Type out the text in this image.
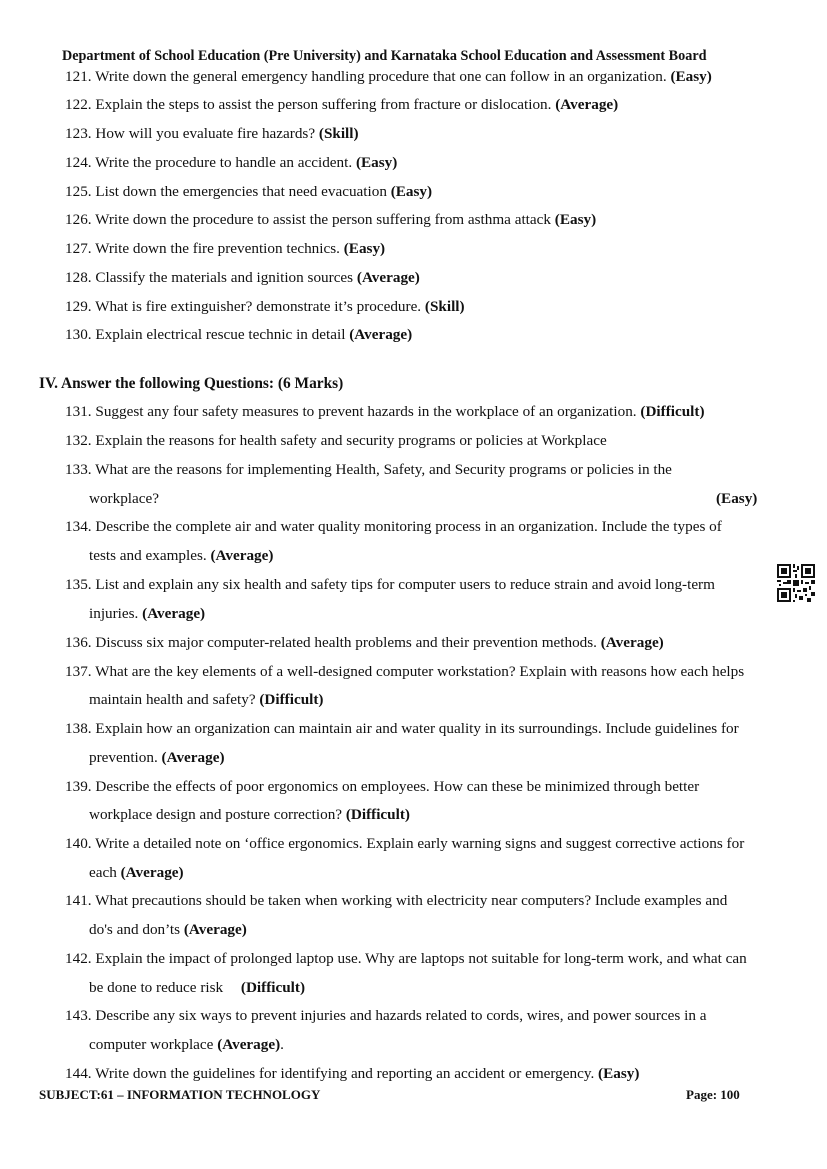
Department of School Education (Pre University) and Karnataka School Education and Assessment Board
121. Write down the general emergency handling procedure that one can follow in an organization. (Easy)
122. Explain the steps to assist the person suffering from fracture or dislocation. (Average)
123. How will you evaluate fire hazards? (Skill)
124. Write the procedure to handle an accident. (Easy)
125. List down the emergencies that need evacuation (Easy)
126. Write down the procedure to assist the person suffering from asthma attack (Easy)
127. Write down the fire prevention technics. (Easy)
128. Classify the materials and ignition sources (Average)
129. What is fire extinguisher? demonstrate it’s procedure. (Skill)
130. Explain electrical rescue technic in detail (Average)
IV. Answer the following Questions: (6 Marks)
131. Suggest any four safety measures to prevent hazards in the workplace of an organization. (Difficult)
132. Explain the reasons for health safety and security programs or policies at Workplace
133. What are the reasons for implementing Health, Safety, and Security programs or policies in the
workplace?	(Easy)
134. Describe the complete air and water quality monitoring process in an organization. Include the types of
tests and examples. (Average)
135. List and explain any six health and safety tips for computer users to reduce strain and avoid long-term
injuries. (Average)
136. Discuss six major computer-related health problems and their prevention methods. (Average)
137. What are the key elements of a well-designed computer workstation? Explain with reasons how each helps
maintain health and safety? (Difficult)
138. Explain how an organization can maintain air and water quality in its surroundings. Include guidelines for
prevention. (Average)
139. Describe the effects of poor ergonomics on employees. How can these be minimized through better
workplace design and posture correction? (Difficult)
140. Write a detailed note on ‘office ergonomics. Explain early warning signs and suggest corrective actions for
each (Average)
141. What precautions should be taken when working with electricity near computers? Include examples and
do's and don’ts (Average)
142. Explain the impact of prolonged laptop use. Why are laptops not suitable for long-term work, and what can
be done to reduce risk (Difficult)
143. Describe any six ways to prevent injuries and hazards related to cords, wires, and power sources in a
computer workplace (Average).
144. Write down the guidelines for identifying and reporting an accident or emergency. (Easy)
SUBJECT:61 – INFORMATION TECHNOLOGY	Page: 100
